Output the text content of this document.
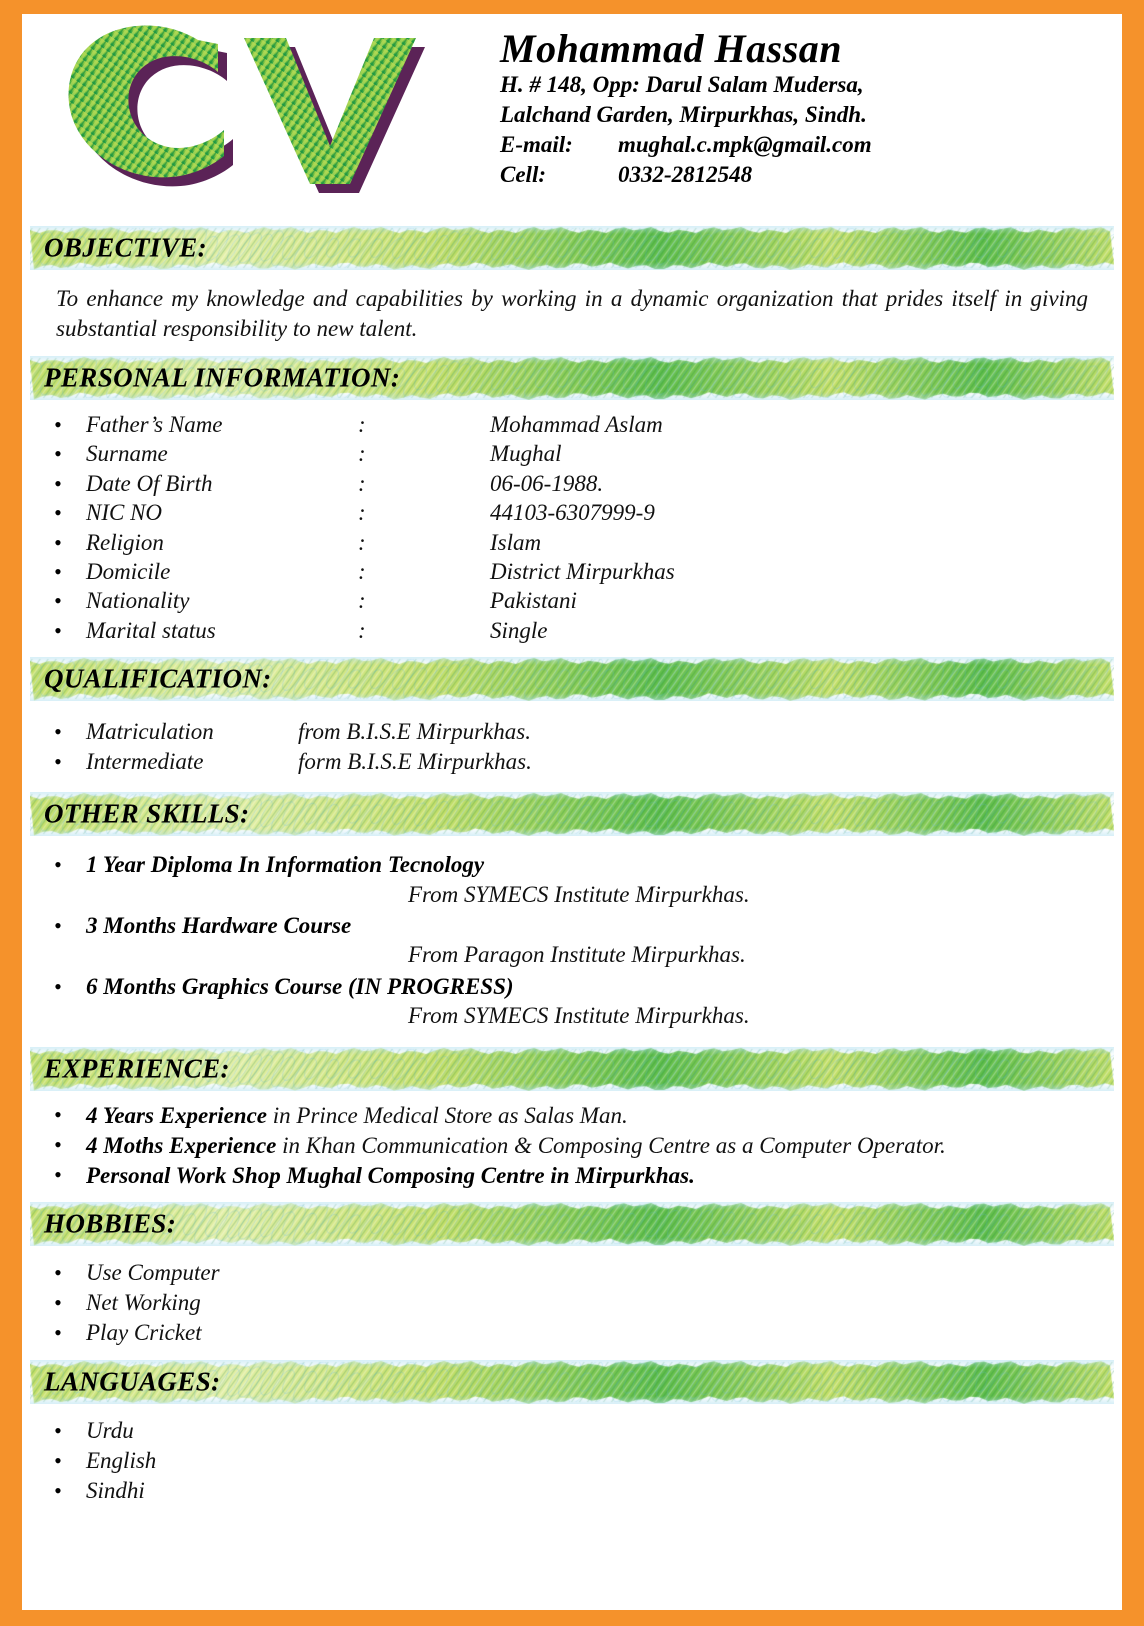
Mohammad Hassan
H. # 148, Opp: Darul Salam Mudersa,
Lalchand Garden, Mirpurkhas, Sindh.
E-mail:	mughal.c.mpk@gmail.com
Cell:	0332-2812548
OBJECTIVE:
To enhance my knowledge and capabilities by working in a dynamic organization that prides itself in giving substantial responsibility to new talent.
PERSONAL INFORMATION:
•	Father’s Name	:	Mohammad Aslam
•	Surname	:	Mughal
•	Date Of Birth	:	06-06-1988.
•	NIC NO	:	44103-6307999-9
•	Religion	:	Islam
•	Domicile	:	District Mirpurkhas
•	Nationality	:	Pakistani
•	Marital status	:	Single
QUALIFICATION:
•	Matriculation	from B.I.S.E Mirpurkhas.
•	Intermediate	form B.I.S.E Mirpurkhas.
OTHER SKILLS:
•	1 Year Diploma In Information Tecnology
From SYMECS Institute Mirpurkhas.
•	3 Months Hardware Course
From Paragon Institute Mirpurkhas.
•	6 Months Graphics Course (IN PROGRESS)
From SYMECS Institute Mirpurkhas.
EXPERIENCE:
•	4 Years Experience in Prince Medical Store as Salas Man.
•	4 Moths Experience in Khan Communication & Composing Centre as a Computer Operator.
•	Personal Work Shop Mughal Composing Centre in Mirpurkhas.
HOBBIES:
•	Use Computer
•	Net Working
•	Play Cricket
LANGUAGES:
•	Urdu
•	English
•	Sindhi
